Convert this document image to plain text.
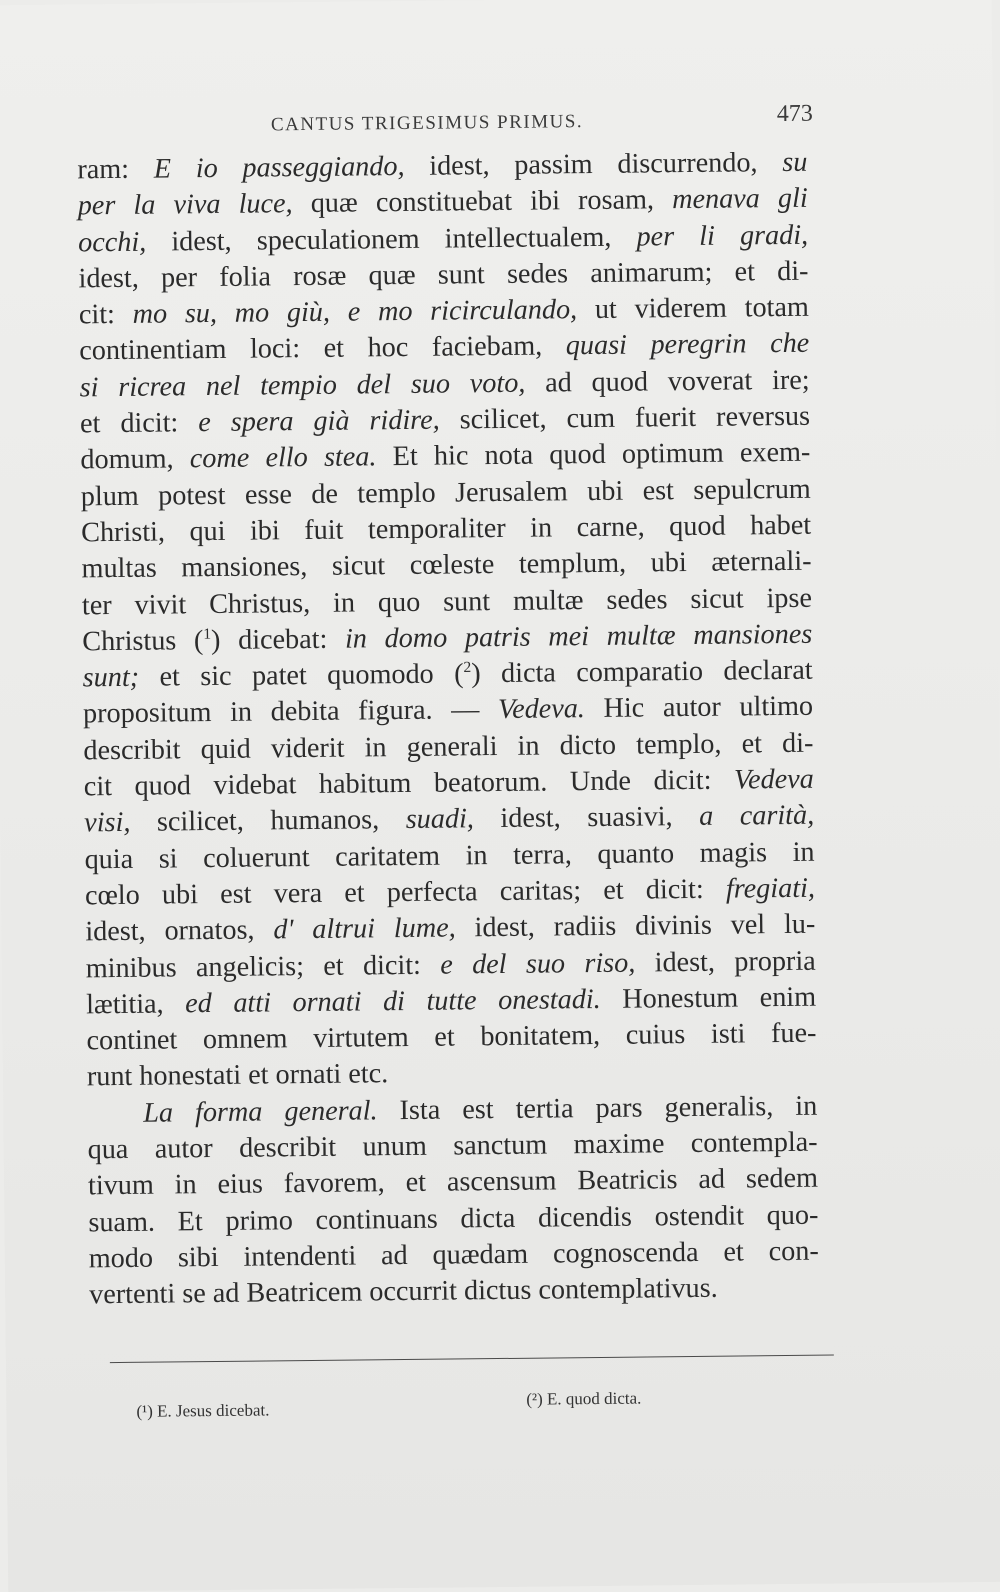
CANTUS TRIGESIMUS PRIMUS.	473
ram: E io passeggiando, idest, passim discurrendo, su
per la viva luce, quæ constituebat ibi rosam, menava gli
occhi, idest, speculationem intellectualem, per li gradi,
idest, per folia rosæ quæ sunt sedes animarum; et di-
cit: mo su, mo giù, e mo ricirculando, ut viderem totam
continentiam loci: et hoc faciebam, quasi peregrin che
si ricrea nel tempio del suo voto, ad quod voverat ire;
et dicit: e spera già ridire, scilicet, cum fuerit reversus
domum, come ello stea. Et hic nota quod optimum exem-
plum potest esse de templo Jerusalem ubi est sepulcrum
Christi, qui ibi fuit temporaliter in carne, quod habet
multas mansiones, sicut cœleste templum, ubi æternali-
ter vivit Christus, in quo sunt multæ sedes sicut ipse
Christus ($^1$) dicebat: in domo patris mei multæ mansiones
sunt; et sic patet quomodo ($^2$) dicta comparatio declarat
propositum in debita figura. — Vedeva. Hic autor ultimo
describit quid viderit in generali in dicto templo, et di-
cit quod videbat habitum beatorum. Unde dicit: Vedeva
visi, scilicet, humanos, suadi, idest, suasivi, a carità,
quia si coluerunt caritatem in terra, quanto magis in
cœlo ubi est vera et perfecta caritas; et dicit: fregiati,
idest, ornatos, d' altrui lume, idest, radiis divinis vel lu-
minibus angelicis; et dicit: e del suo riso, idest, propria
lætitia, ed atti ornati di tutte onestadi. Honestum enim
continet omnem virtutem et bonitatem, cuius isti fue-
runt honestati et ornati etc.
La forma general. Ista est tertia pars generalis, in
qua autor describit unum sanctum maxime contempla-
tivum in eius favorem, et ascensum Beatricis ad sedem
suam. Et primo continuans dicta dicendis ostendit quo-
modo sibi intendenti ad quædam cognoscenda et con-
vertenti se ad Beatricem occurrit dictus contemplativus.
(¹) E. Jesus dicebat.
(²) E. quod dicta.
